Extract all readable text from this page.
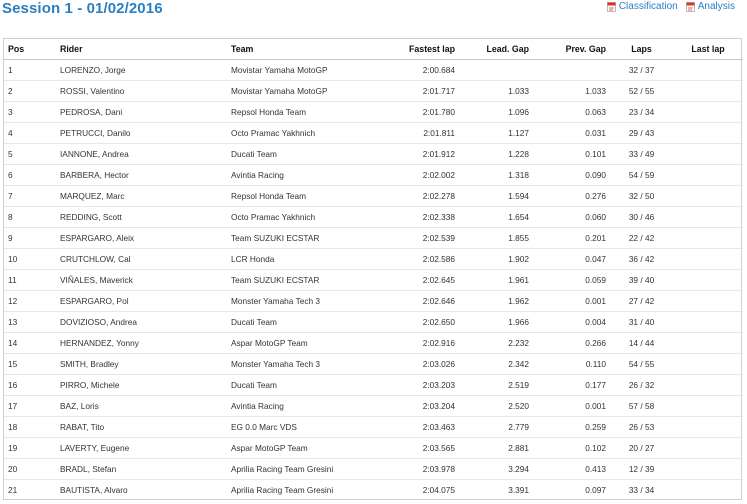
Session 1 - 01/02/2016	Classification Analysis
Pos	Rider	Team	Fastest lap	Lead. Gap	Prev. Gap	Laps	Last lap
1	LORENZO, Jorge	Movistar Yamaha MotoGP	2:00.684			32 / 37	
2	ROSSI, Valentino	Movistar Yamaha MotoGP	2:01.717	1.033	1.033	52 / 55	
3	PEDROSA, Dani	Repsol Honda Team	2:01.780	1.096	0.063	23 / 34	
4	PETRUCCI, Danilo	Octo Pramac Yakhnich	2:01.811	1.127	0.031	29 / 43	
5	IANNONE, Andrea	Ducati Team	2:01.912	1.228	0.101	33 / 49	
6	BARBERA, Hector	Avintia Racing	2:02.002	1.318	0.090	54 / 59	
7	MARQUEZ, Marc	Repsol Honda Team	2:02.278	1.594	0.276	32 / 50	
8	REDDING, Scott	Octo Pramac Yakhnich	2:02.338	1.654	0.060	30 / 46	
9	ESPARGARO, Aleix	Team SUZUKI ECSTAR	2:02.539	1.855	0.201	22 / 42	
10	CRUTCHLOW, Cal	LCR Honda	2:02.586	1.902	0.047	36 / 42	
11	VIÑALES, Maverick	Team SUZUKI ECSTAR	2:02.645	1.961	0.059	39 / 40	
12	ESPARGARO, Pol	Monster Yamaha Tech 3	2:02.646	1.962	0.001	27 / 42	
13	DOVIZIOSO, Andrea	Ducati Team	2:02.650	1.966	0.004	31 / 40	
14	HERNANDEZ, Yonny	Aspar MotoGP Team	2:02.916	2.232	0.266	14 / 44	
15	SMITH, Bradley	Monster Yamaha Tech 3	2:03.026	2.342	0.110	54 / 55	
16	PIRRO, Michele	Ducati Team	2:03.203	2.519	0.177	26 / 32	
17	BAZ, Loris	Avintia Racing	2:03.204	2.520	0.001	57 / 58	
18	RABAT, Tito	EG 0.0 Marc VDS	2:03.463	2.779	0.259	26 / 53	
19	LAVERTY, Eugene	Aspar MotoGP Team	2:03.565	2.881	0.102	20 / 27	
20	BRADL, Stefan	Aprilia Racing Team Gresini	2:03.978	3.294	0.413	12 / 39	
21	BAUTISTA, Alvaro	Aprilia Racing Team Gresini	2:04.075	3.391	0.097	33 / 34	
